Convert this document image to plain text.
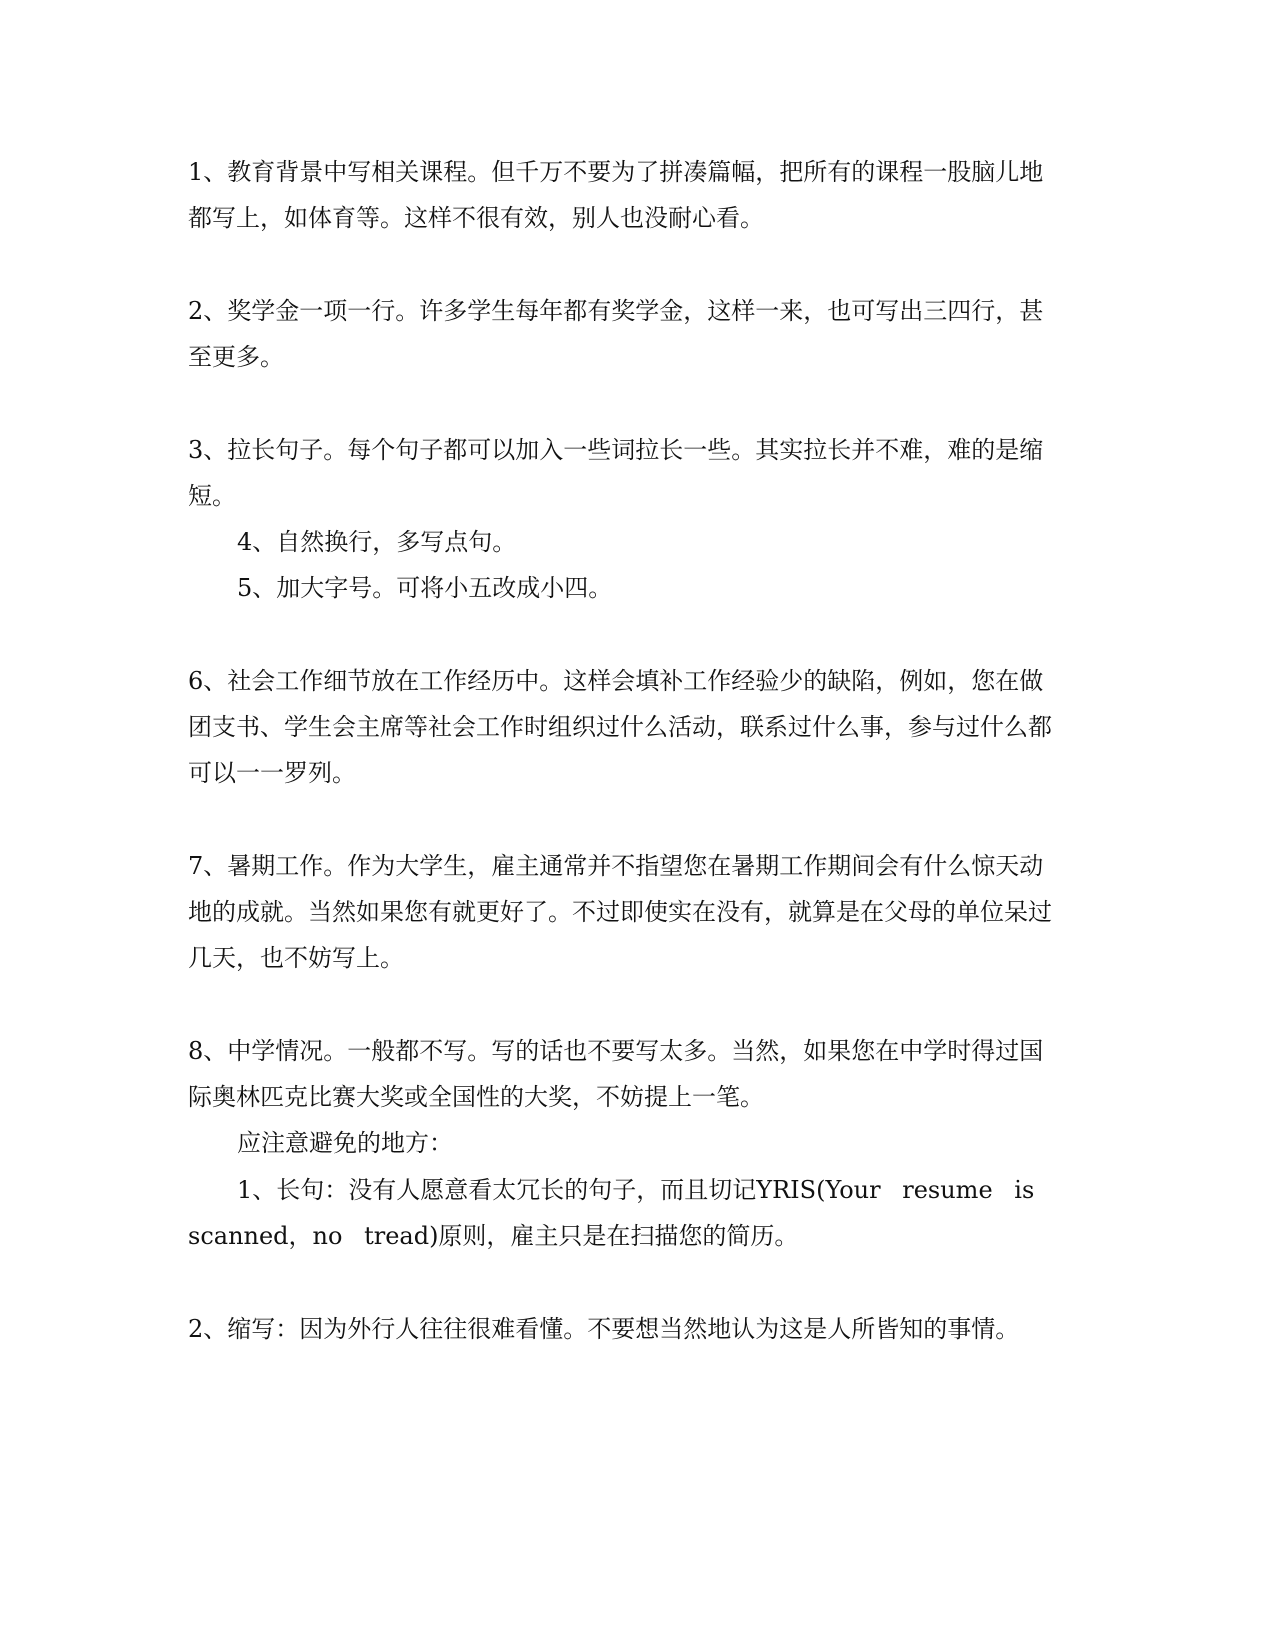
1、教育背景中写相关课程。但千万不要为了拼凑篇幅，把所有的课程一股脑儿地
都写上，如体育等。这样不很有效，别人也没耐心看。
2、奖学金一项一行。许多学生每年都有奖学金，这样一来，也可写出三四行，甚
至更多。
3、拉长句子。每个句子都可以加入一些词拉长一些。其实拉长并不难，难的是缩
短。
4、自然换行，多写点句。
5、加大字号。可将小五改成小四。
6、社会工作细节放在工作经历中。这样会填补工作经验少的缺陷，例如，您在做
团支书、学生会主席等社会工作时组织过什么活动，联系过什么事，参与过什么都
可以一一罗列。
7、暑期工作。作为大学生，雇主通常并不指望您在暑期工作期间会有什么惊天动
地的成就。当然如果您有就更好了。不过即使实在没有，就算是在父母的单位呆过
几天，也不妨写上。
8、中学情况。一般都不写。写的话也不要写太多。当然，如果您在中学时得过国
际奥林匹克比赛大奖或全国性的大奖，不妨提上一笔。
应注意避免的地方：
1、长句：没有人愿意看太冗长的句子，而且切记YRIS(Your resume is
scanned，no tread)原则，雇主只是在扫描您的简历。
2、缩写：因为外行人往往很难看懂。不要想当然地认为这是人所皆知的事情。
